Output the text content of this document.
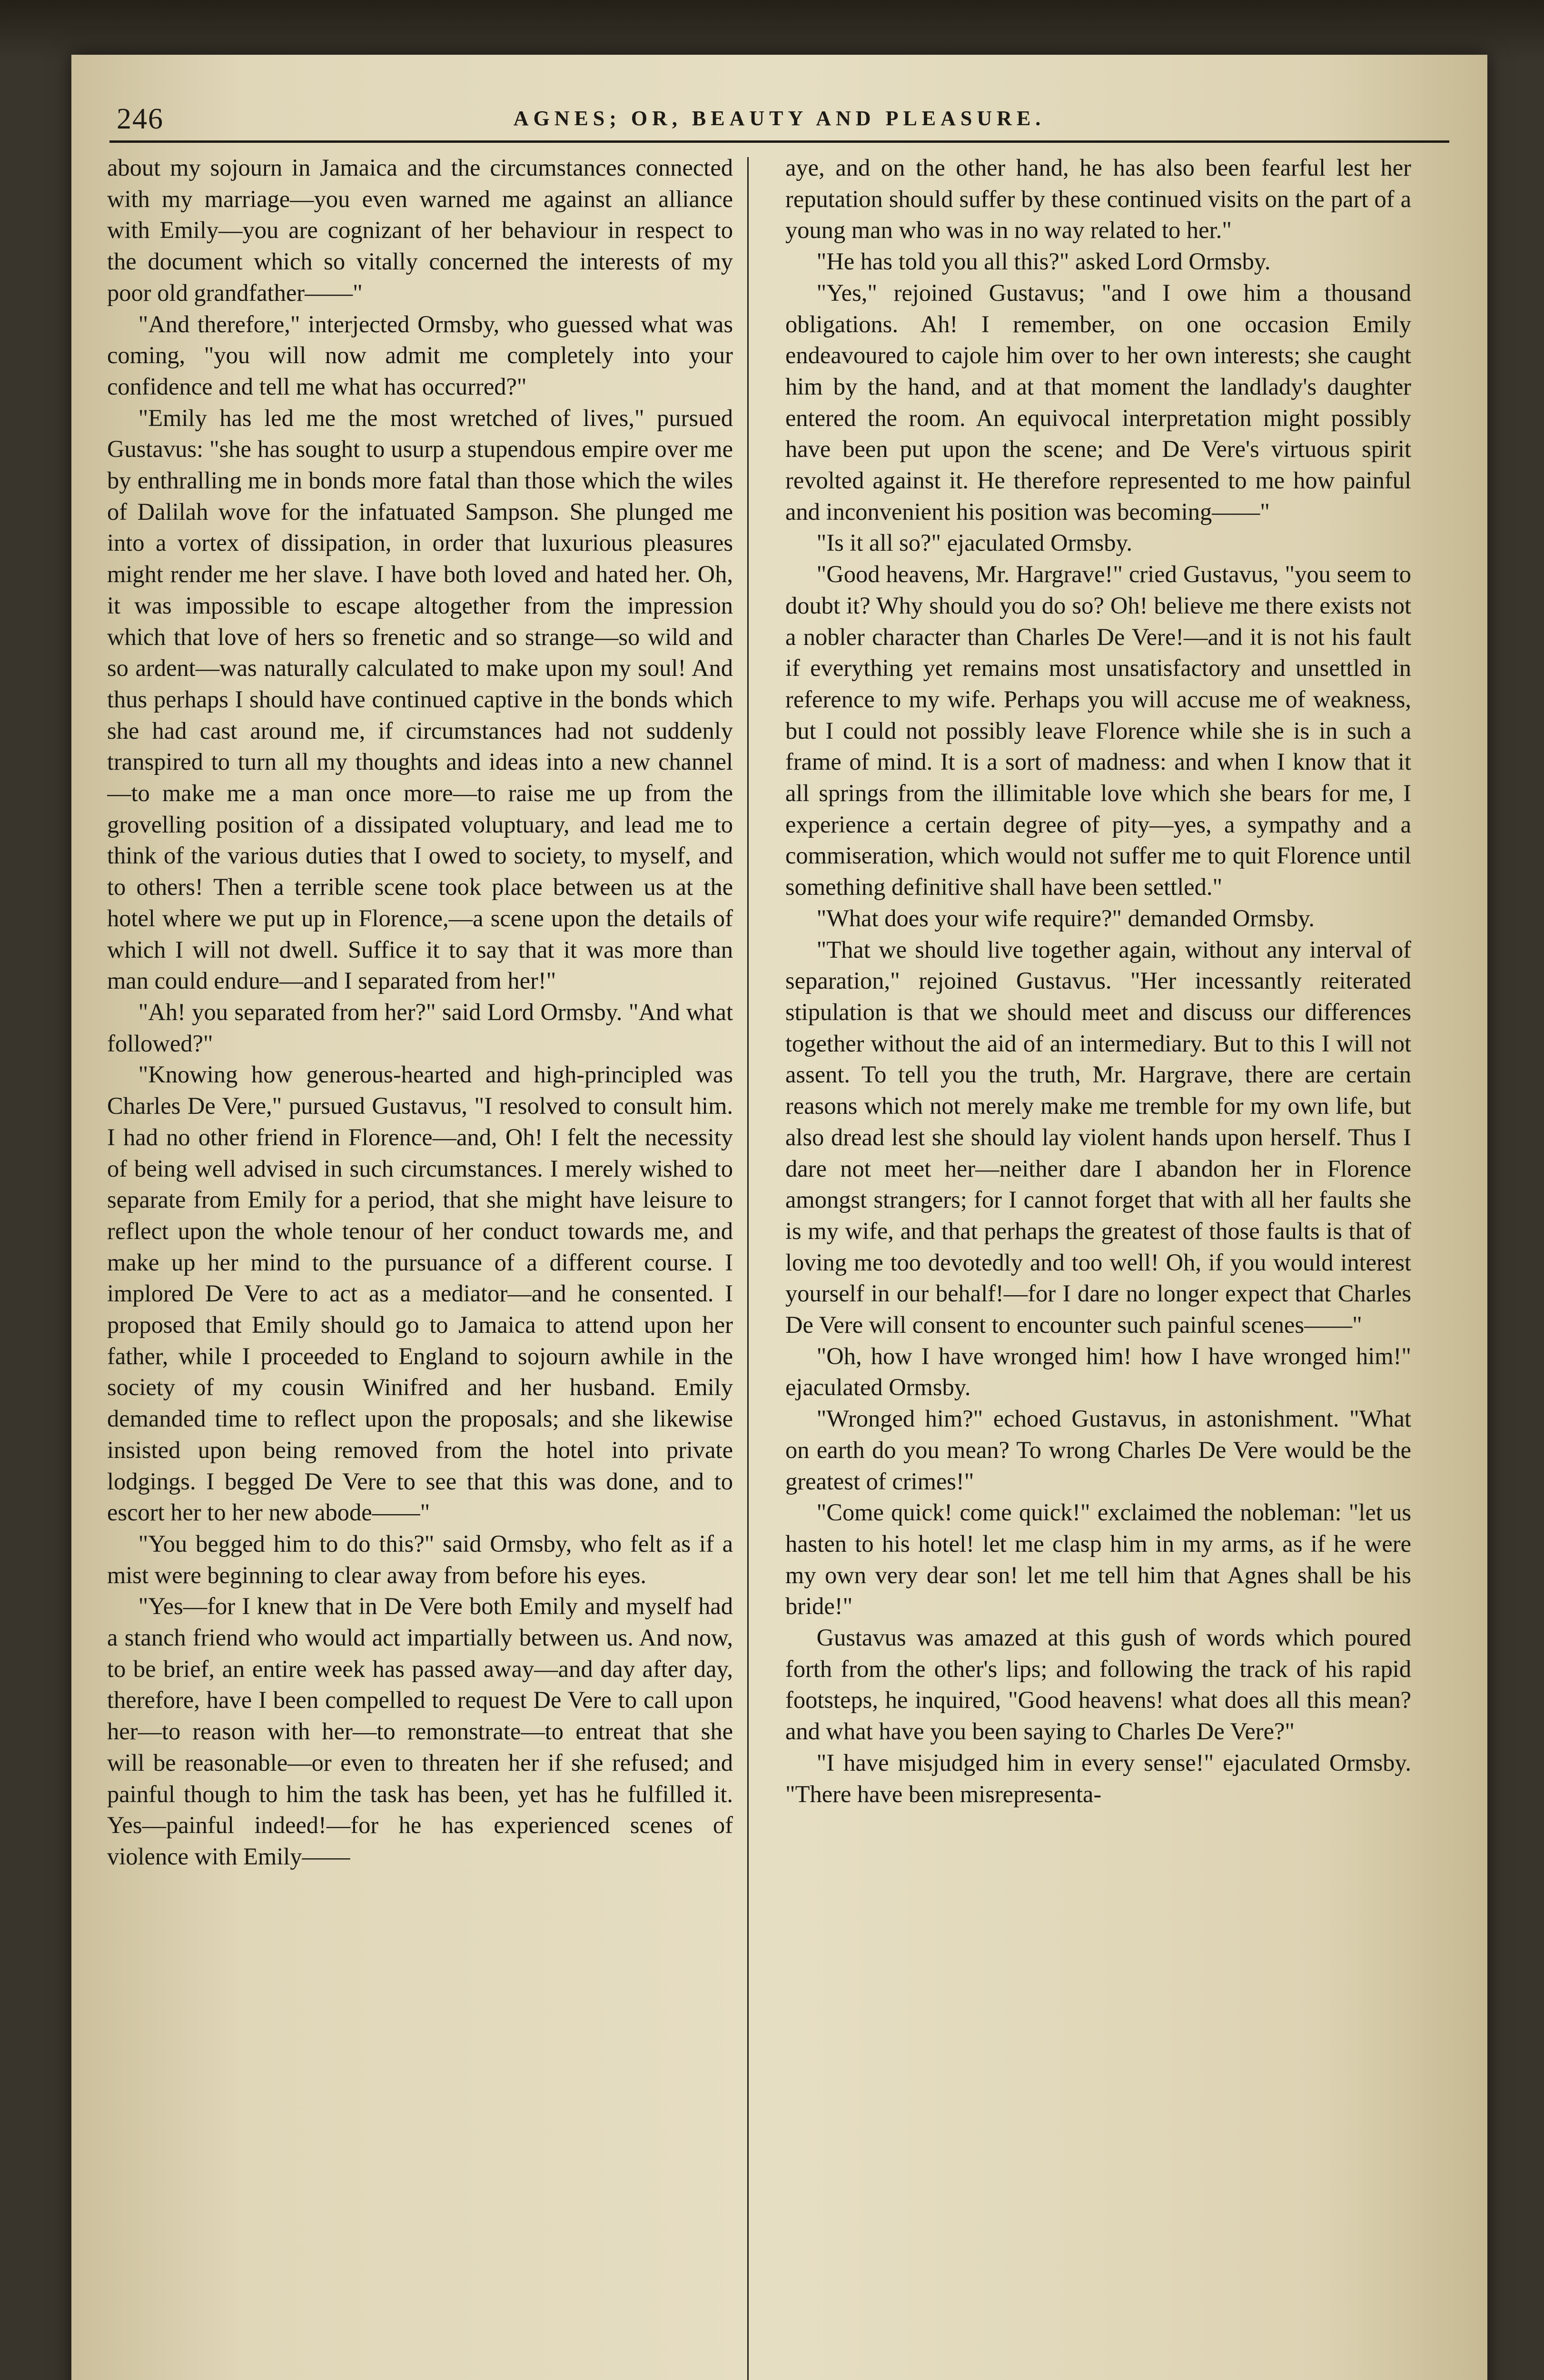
246	AGNES; OR, BEAUTY AND PLEASURE.

about my sojourn in Jamaica and the circumstances connected with my marriage—you even warned me against an alliance with Emily—you are cognizant of her behaviour in respect to the document which so vitally concerned the interests of my poor old grandfather——"

"And therefore," interjected Ormsby, who guessed what was coming, "you will now admit me completely into your confidence and tell me what has occurred?"

"Emily has led me the most wretched of lives," pursued Gustavus: "she has sought to usurp a stupendous empire over me by enthralling me in bonds more fatal than those which the wiles of Dalilah wove for the infatuated Sampson. She plunged me into a vortex of dissipation, in order that luxurious pleasures might render me her slave. I have both loved and hated her. Oh, it was impossible to escape altogether from the impression which that love of hers so frenetic and so strange—so wild and so ardent—was naturally calculated to make upon my soul! And thus perhaps I should have continued captive in the bonds which she had cast around me, if circumstances had not suddenly transpired to turn all my thoughts and ideas into a new channel—to make me a man once more—to raise me up from the grovelling position of a dissipated voluptuary, and lead me to think of the various duties that I owed to society, to myself, and to others! Then a terrible scene took place between us at the hotel where we put up in Florence,—a scene upon the details of which I will not dwell. Suffice it to say that it was more than man could endure—and I separated from her!"

"Ah! you separated from her?" said Lord Ormsby. "And what followed?"

"Knowing how generous-hearted and high-principled was Charles De Vere," pursued Gustavus, "I resolved to consult him. I had no other friend in Florence—and, Oh! I felt the necessity of being well advised in such circumstances. I merely wished to separate from Emily for a period, that she might have leisure to reflect upon the whole tenour of her conduct towards me, and make up her mind to the pursuance of a different course. I implored De Vere to act as a mediator—and he consented. I proposed that Emily should go to Jamaica to attend upon her father, while I proceeded to England to sojourn awhile in the society of my cousin Winifred and her husband. Emily demanded time to reflect upon the proposals; and she likewise insisted upon being removed from the hotel into private lodgings. I begged De Vere to see that this was done, and to escort her to her new abode——"

"You begged him to do this?" said Ormsby, who felt as if a mist were beginning to clear away from before his eyes.

"Yes—for I knew that in De Vere both Emily and myself had a stanch friend who would act impartially between us. And now, to be brief, an entire week has passed away—and day after day, therefore, have I been compelled to request De Vere to call upon her—to reason with her—to remonstrate—to entreat that she will be reasonable—or even to threaten her if she refused; and painful though to him the task has been, yet has he fulfilled it. Yes—painful indeed!—for he has experienced scenes of violence with Emily——

aye, and on the other hand, he has also been fearful lest her reputation should suffer by these continued visits on the part of a young man who was in no way related to her."

"He has told you all this?" asked Lord Ormsby.

"Yes," rejoined Gustavus; "and I owe him a thousand obligations. Ah! I remember, on one occasion Emily endeavoured to cajole him over to her own interests; she caught him by the hand, and at that moment the landlady's daughter entered the room. An equivocal interpretation might possibly have been put upon the scene; and De Vere's virtuous spirit revolted against it. He therefore represented to me how painful and inconvenient his position was becoming——"

"Is it all so?" ejaculated Ormsby.

"Good heavens, Mr. Hargrave!" cried Gustavus, "you seem to doubt it? Why should you do so? Oh! believe me there exists not a nobler character than Charles De Vere!—and it is not his fault if everything yet remains most unsatisfactory and unsettled in reference to my wife. Perhaps you will accuse me of weakness, but I could not possibly leave Florence while she is in such a frame of mind. It is a sort of madness: and when I know that it all springs from the illimitable love which she bears for me, I experience a certain degree of pity—yes, a sympathy and a commiseration, which would not suffer me to quit Florence until something definitive shall have been settled."

"What does your wife require?" demanded Ormsby.

"That we should live together again, without any interval of separation," rejoined Gustavus. "Her incessantly reiterated stipulation is that we should meet and discuss our differences together without the aid of an intermediary. But to this I will not assent. To tell you the truth, Mr. Hargrave, there are certain reasons which not merely make me tremble for my own life, but also dread lest she should lay violent hands upon herself. Thus I dare not meet her—neither dare I abandon her in Florence amongst strangers; for I cannot forget that with all her faults she is my wife, and that perhaps the greatest of those faults is that of loving me too devotedly and too well! Oh, if you would interest yourself in our behalf!—for I dare no longer expect that Charles De Vere will consent to encounter such painful scenes——"

"Oh, how I have wronged him! how I have wronged him!" ejaculated Ormsby.

"Wronged him?" echoed Gustavus, in astonishment. "What on earth do you mean? To wrong Charles De Vere would be the greatest of crimes!"

"Come quick! come quick!" exclaimed the nobleman: "let us hasten to his hotel! let me clasp him in my arms, as if he were my own very dear son! let me tell him that Agnes shall be his bride!"

Gustavus was amazed at this gush of words which poured forth from the other's lips; and following the track of his rapid footsteps, he inquired, "Good heavens! what does all this mean? and what have you been saying to Charles De Vere?"

"I have misjudged him in every sense!" ejaculated Ormsby. "There have been misrepresenta-
